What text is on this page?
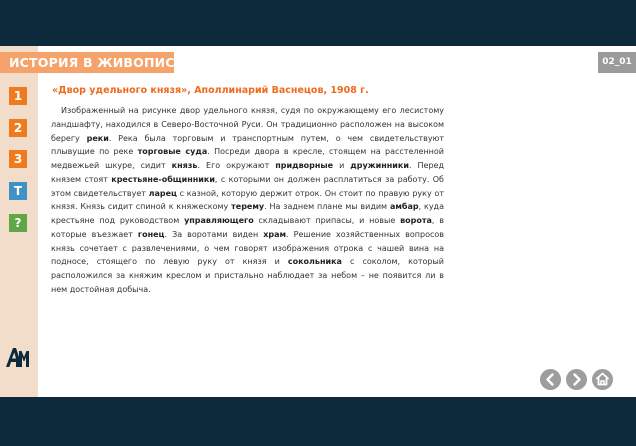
ИСТОРИЯ В ЖИВОПИСИ	02_01
1
2
3
Т
?
«Двор удельного князя», Аполлинарий Васнецов, 1908 г.

Изображенный на рисунке двор удельного князя, судя по окружающему его лесистому ландшафту, находился в Северо-Восточной Руси. Он традиционно расположен на высоком берегу реки. Река была торговым и транспортным путем, о чем свидетельствуют плывущие по реке торговые суда. Посреди двора в кресле, стоящем на расстеленной медвежьей шкуре, сидит князь. Его окружают придворные и дружинники. Перед князем стоят крестьяне-общинники, с которыми он должен расплатиться за работу. Об этом свидетельствует ларец с казной, которую держит отрок. Он стоит по правую руку от князя. Князь сидит спиной к княжескому терему. На заднем плане мы видим амбар, куда крестьяне под руководством управляющего складывают припасы, и новые ворота, в которые въезжает гонец. За воротами виден храм. Решение хозяйственных вопросов князь сочетает с развлечениями, о чем говорят изображения отрока с чашей вина на подносе, стоящего по левую руку от князя и сокольника с соколом, который расположился за княжим креслом и пристально наблюдает за небом – не появится ли в нем достойная добыча.
